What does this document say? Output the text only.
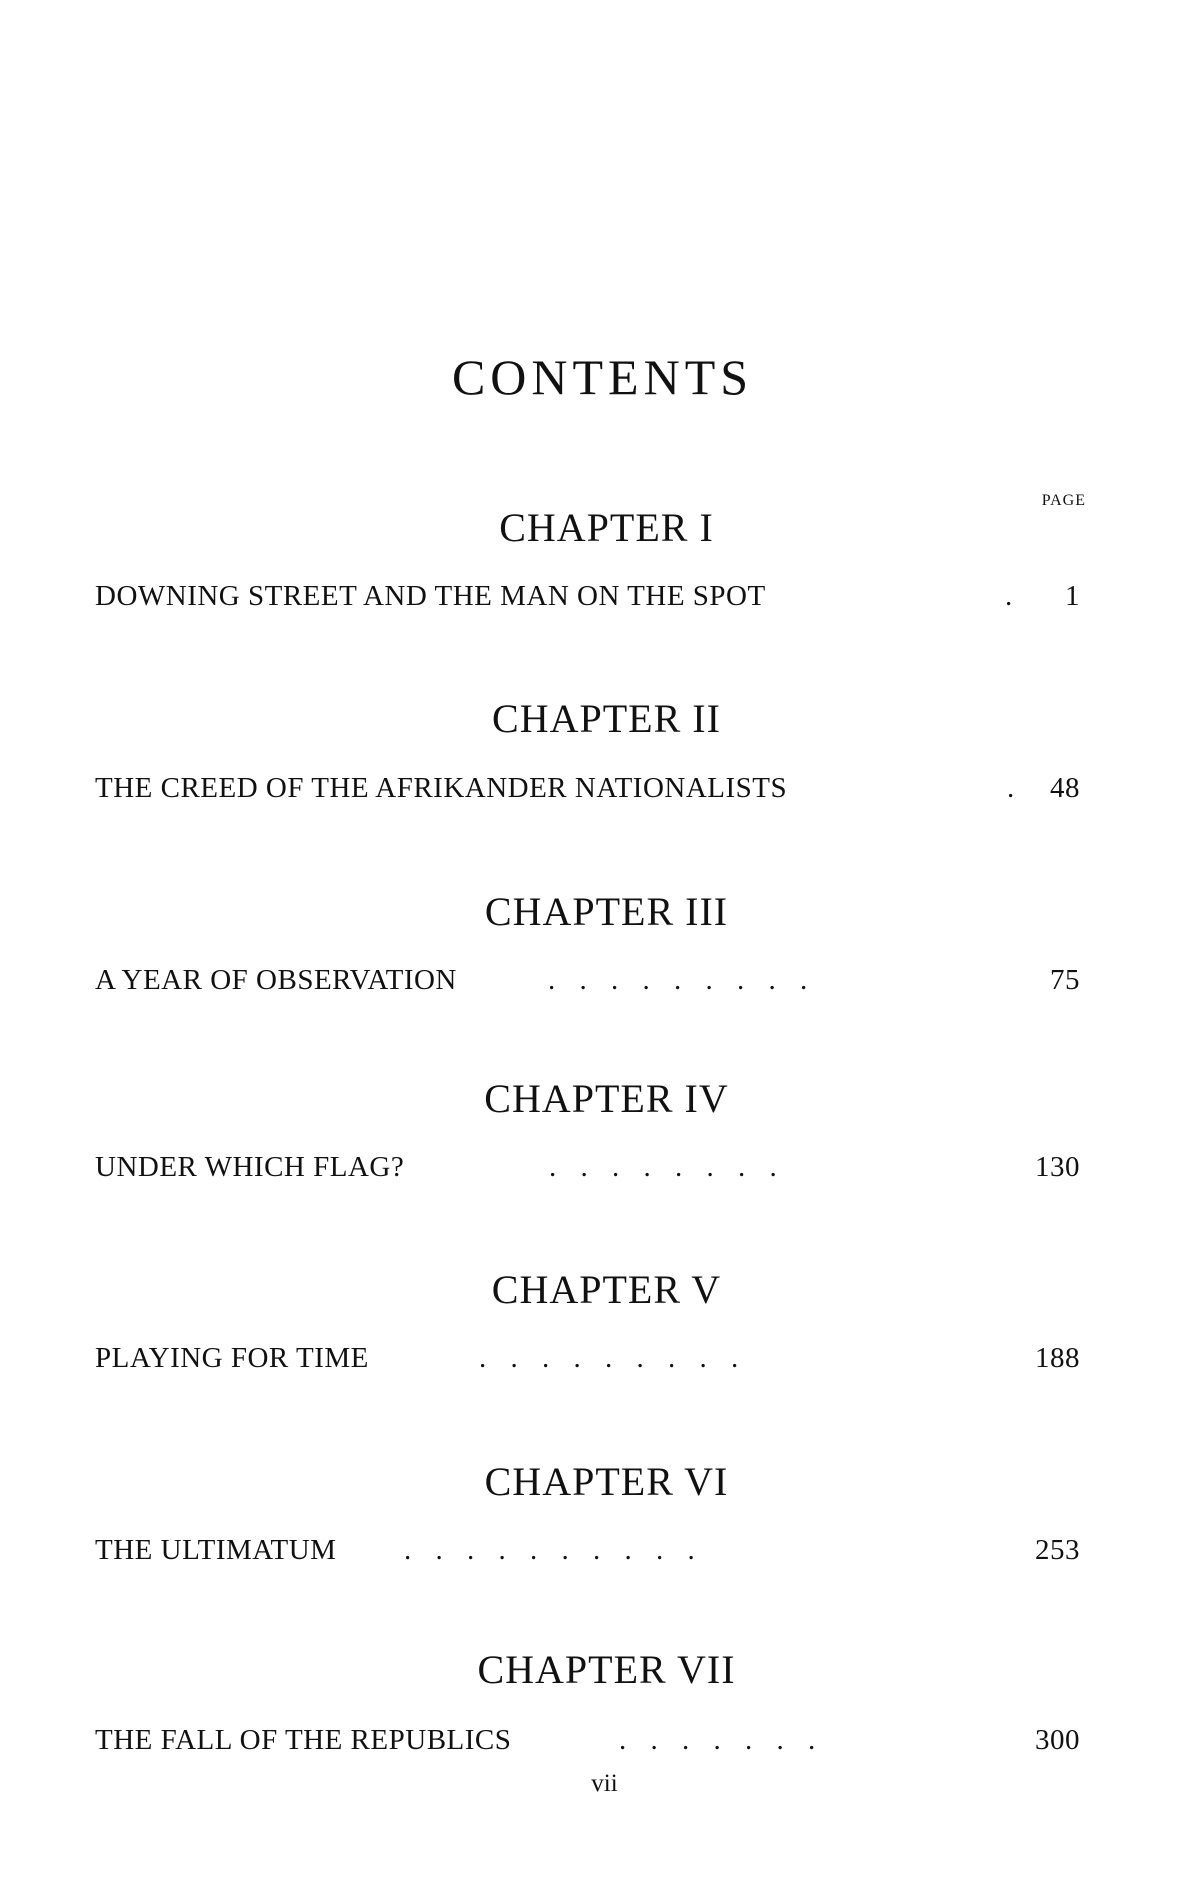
CONTENTS
PAGE
CHAPTER I
DOWNING STREET AND THE MAN ON THE SPOT	. 1
CHAPTER II
THE CREED OF THE AFRIKANDER NATIONALISTS	. 48
CHAPTER III
A YEAR OF OBSERVATION	. . . . . . . . .	75
CHAPTER IV
UNDER WHICH FLAG?	. . . . . . . .	130
CHAPTER V
PLAYING FOR TIME	. . . . . . . . .	188
CHAPTER VI
THE ULTIMATUM . . . . . . . . . .	253
CHAPTER VII
THE FALL OF THE REPUBLICS	. . . . . . .	300
vii
